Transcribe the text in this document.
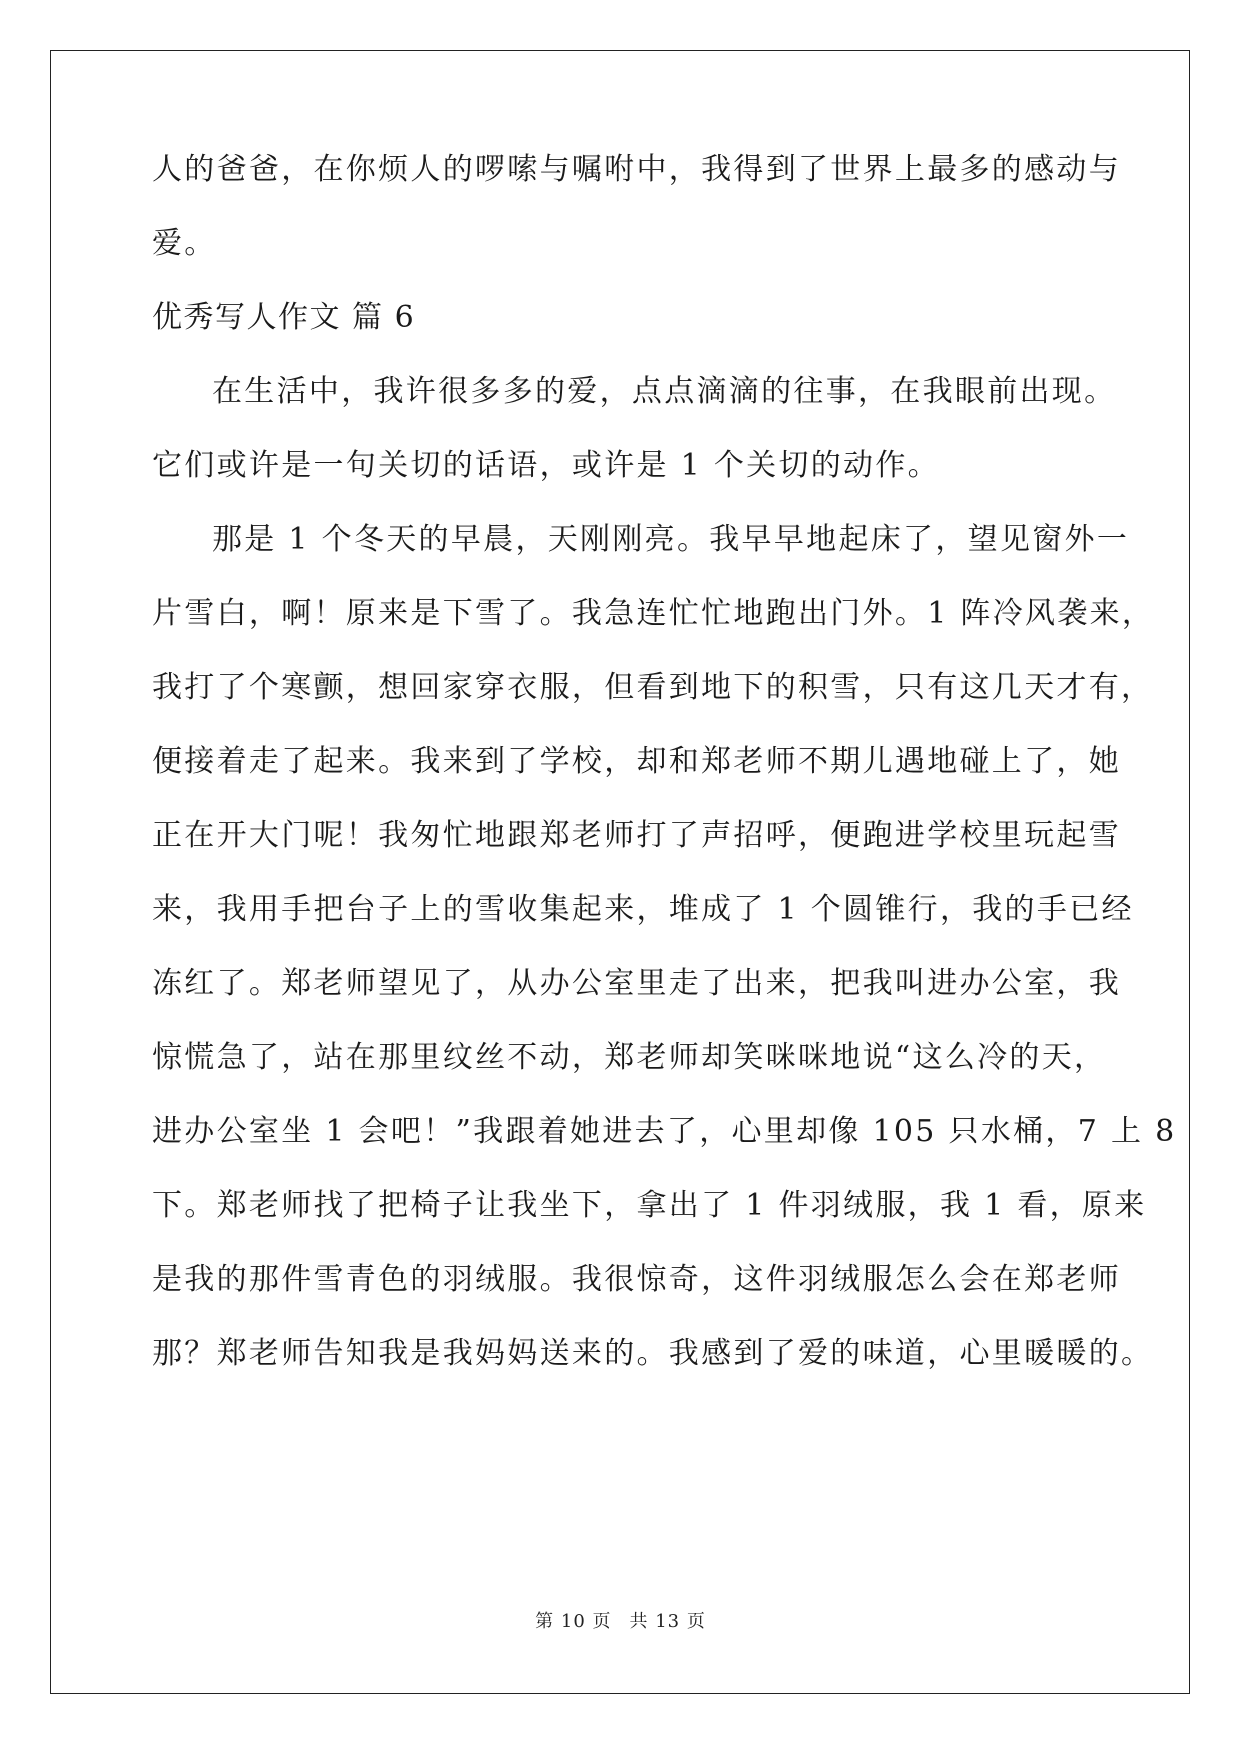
人的爸爸，在你烦人的啰嗦与嘱咐中，我得到了世界上最多的感动与
爱。
优秀写人作文 篇 6
在生活中，我许很多多的爱，点点滴滴的往事，在我眼前出现。
它们或许是一句关切的话语，或许是 1 个关切的动作。
那是 1 个冬天的早晨，天刚刚亮。我早早地起床了，望见窗外一
片雪白，啊！原来是下雪了。我急连忙忙地跑出门外。1 阵冷风袭来，
我打了个寒颤，想回家穿衣服，但看到地下的积雪，只有这几天才有，
便接着走了起来。我来到了学校，却和郑老师不期儿遇地碰上了，她
正在开大门呢！我匆忙地跟郑老师打了声招呼，便跑进学校里玩起雪
来，我用手把台子上的雪收集起来，堆成了 1 个圆锥行，我的手已经
冻红了。郑老师望见了，从办公室里走了出来，把我叫进办公室，我
惊慌急了，站在那里纹丝不动，郑老师却笑咪咪地说“这么冷的天，
进办公室坐 1 会吧！”我跟着她进去了，心里却像 105 只水桶，7 上 8
下。郑老师找了把椅子让我坐下，拿出了 1 件羽绒服，我 1 看，原来
是我的那件雪青色的羽绒服。我很惊奇，这件羽绒服怎么会在郑老师
那？郑老师告知我是我妈妈送来的。我感到了爱的味道，心里暖暖的。
第 10 页 共 13 页
